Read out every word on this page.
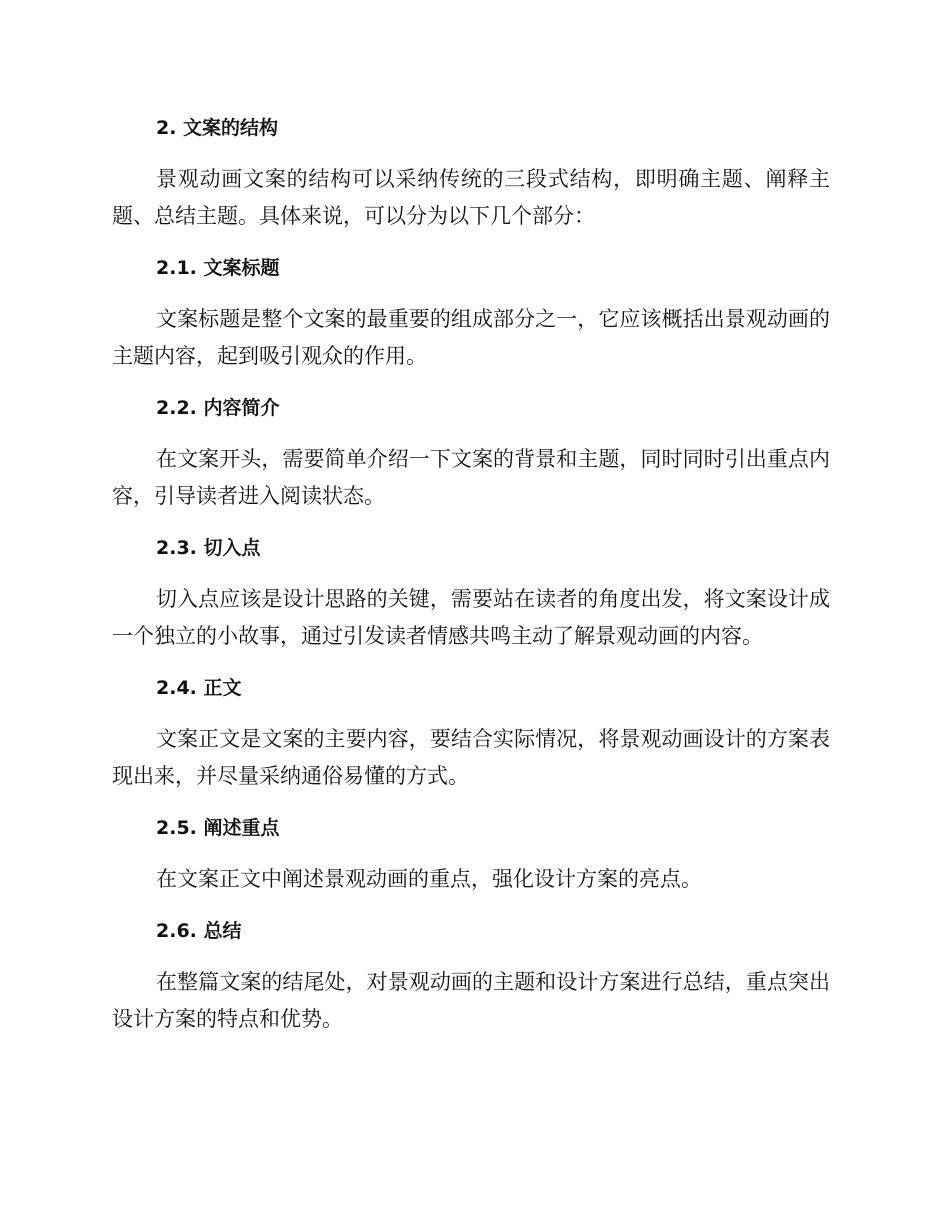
2. 文案的结构

景观动画文案的结构可以采纳传统的三段式结构，即明确主题、阐释主题、总结主题。具体来说，可以分为以下几个部分：

2.1. 文案标题

文案标题是整个文案的最重要的组成部分之一，它应该概括出景观动画的主题内容，起到吸引观众的作用。

2.2. 内容简介

在文案开头，需要简单介绍一下文案的背景和主题，同时同时引出重点内容，引导读者进入阅读状态。

2.3. 切入点

切入点应该是设计思路的关键，需要站在读者的角度出发，将文案设计成一个独立的小故事，通过引发读者情感共鸣主动了解景观动画的内容。

2.4. 正文

文案正文是文案的主要内容，要结合实际情况，将景观动画设计的方案表现出来，并尽量采纳通俗易懂的方式。

2.5. 阐述重点

在文案正文中阐述景观动画的重点，强化设计方案的亮点。

2.6. 总结

在整篇文案的结尾处，对景观动画的主题和设计方案进行总结，重点突出设计方案的特点和优势。
